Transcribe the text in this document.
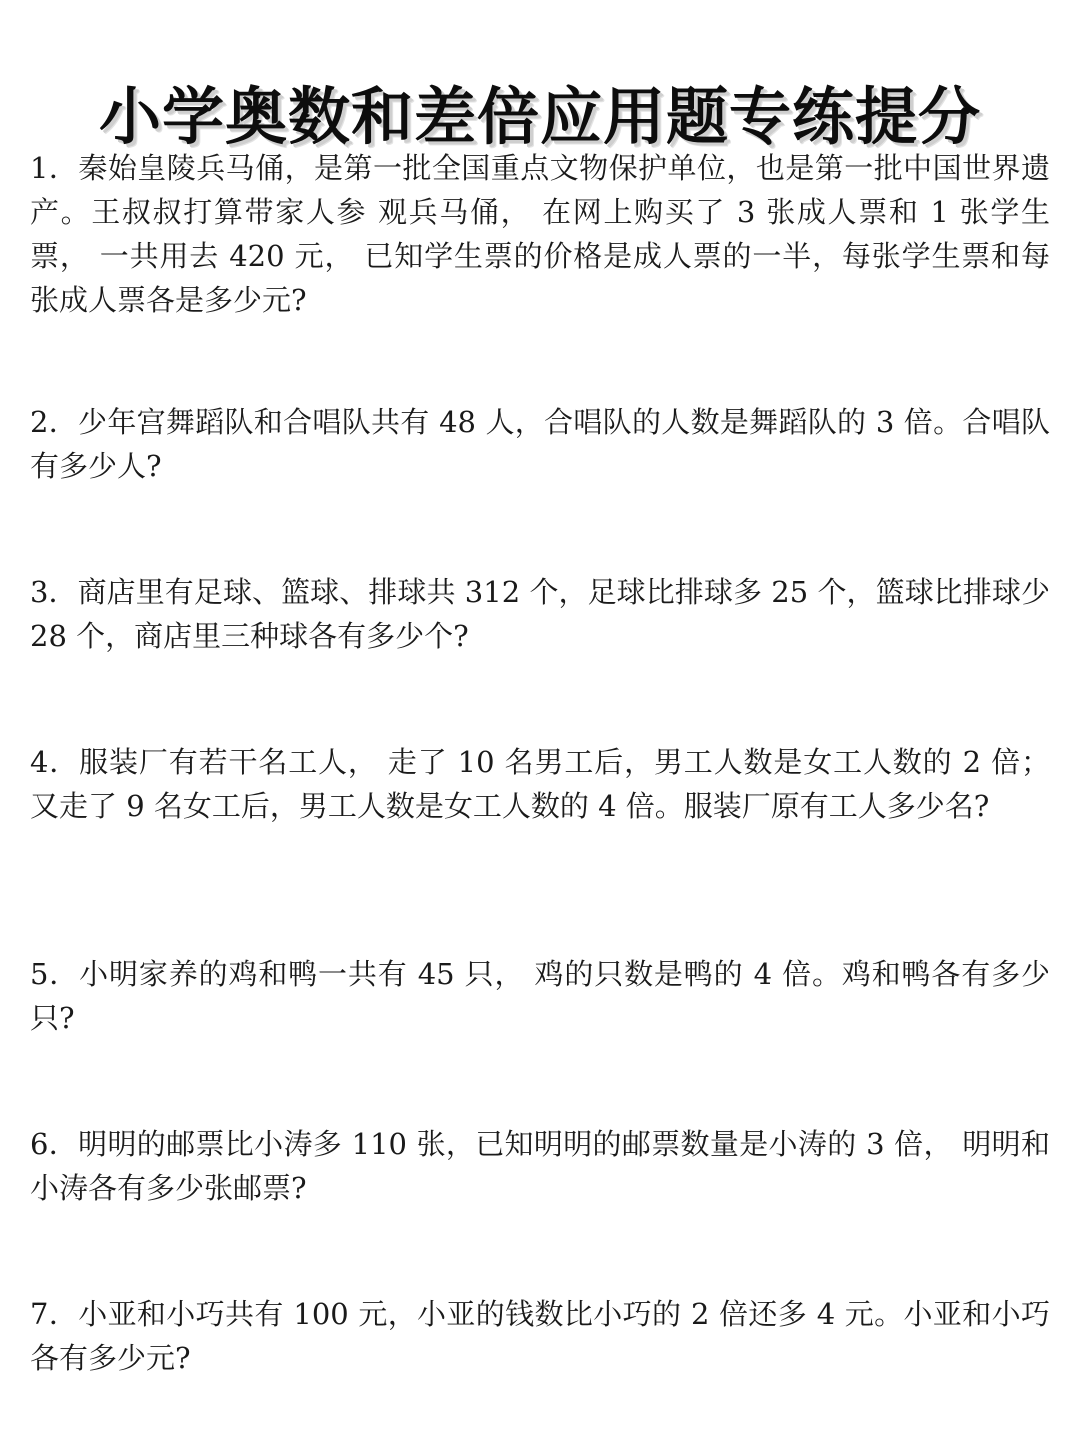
小学奥数和差倍应用题专练提分

1．秦始皇陵兵马俑，是第一批全国重点文物保护单位，也是第一批中国世界遗产。王叔叔打算带家人参 观兵马俑， 在网上购买了 3 张成人票和 1 张学生票， 一共用去 420 元， 已知学生票的价格是成人票的一半，每张学生票和每张成人票各是多少元?

2．少年宫舞蹈队和合唱队共有 48 人，合唱队的人数是舞蹈队的 3 倍。合唱队有多少人?

3．商店里有足球、篮球、排球共 312 个，足球比排球多 25 个，篮球比排球少 28 个，商店里三种球各有多少个?

4．服装厂有若干名工人， 走了 10 名男工后，男工人数是女工人数的 2 倍； 又走了 9 名女工后，男工人数是女工人数的 4 倍。服装厂原有工人多少名?

5．小明家养的鸡和鸭一共有 45 只， 鸡的只数是鸭的 4 倍。鸡和鸭各有多少只?

6．明明的邮票比小涛多 110 张，已知明明的邮票数量是小涛的 3 倍， 明明和小涛各有多少张邮票?

7．小亚和小巧共有 100 元，小亚的钱数比小巧的 2 倍还多 4 元。小亚和小巧各有多少元?
